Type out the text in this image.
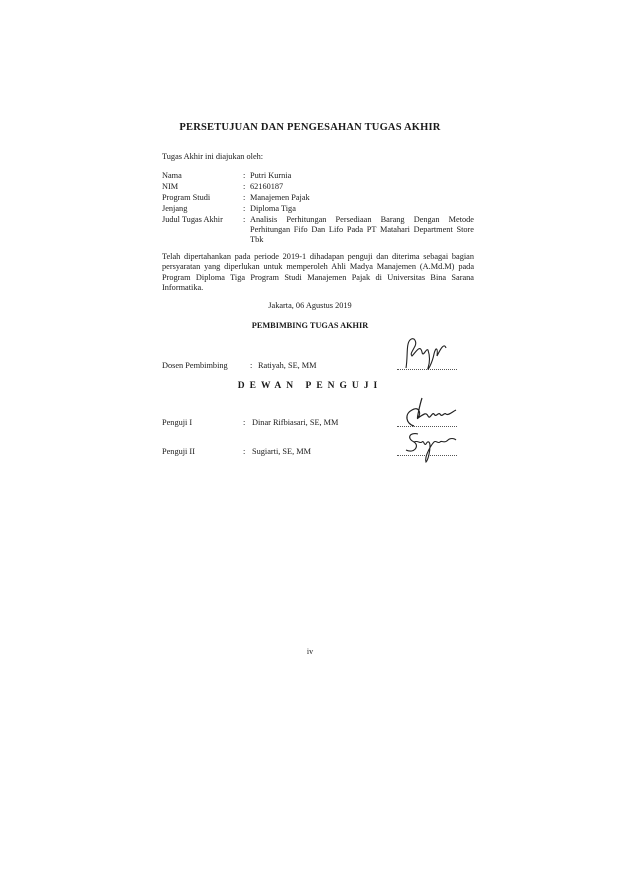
PERSETUJUAN DAN PENGESAHAN TUGAS AKHIR
Tugas Akhir ini diajukan oleh:
Nama	: Putri Kurnia
NIM	: 62160187
Program Studi	: Manajemen Pajak
Jenjang	: Diploma Tiga
Judul Tugas Akhir : Analisis Perhitungan Persediaan Barang Dengan Metode Perhitungan Fifo Dan Lifo Pada PT Matahari Department Store Tbk
Telah dipertahankan pada periode 2019-1 dihadapan penguji dan diterima sebagai bagian persyaratan yang diperlukan untuk memperoleh Ahli Madya Manajemen (A.Md.M) pada Program Diploma Tiga Program Studi Manajemen Pajak di Universitas Bina Sarana Informatika.
Jakarta, 06 Agustus 2019
PEMBIMBING TUGAS AKHIR
Dosen Pembimbing	: Ratiyah, SE, MM
DEWAN PENGUJI
Penguji I	: Dinar Rifbiasari, SE, MM
Penguji II	: Sugiarti, SE, MM
iv
